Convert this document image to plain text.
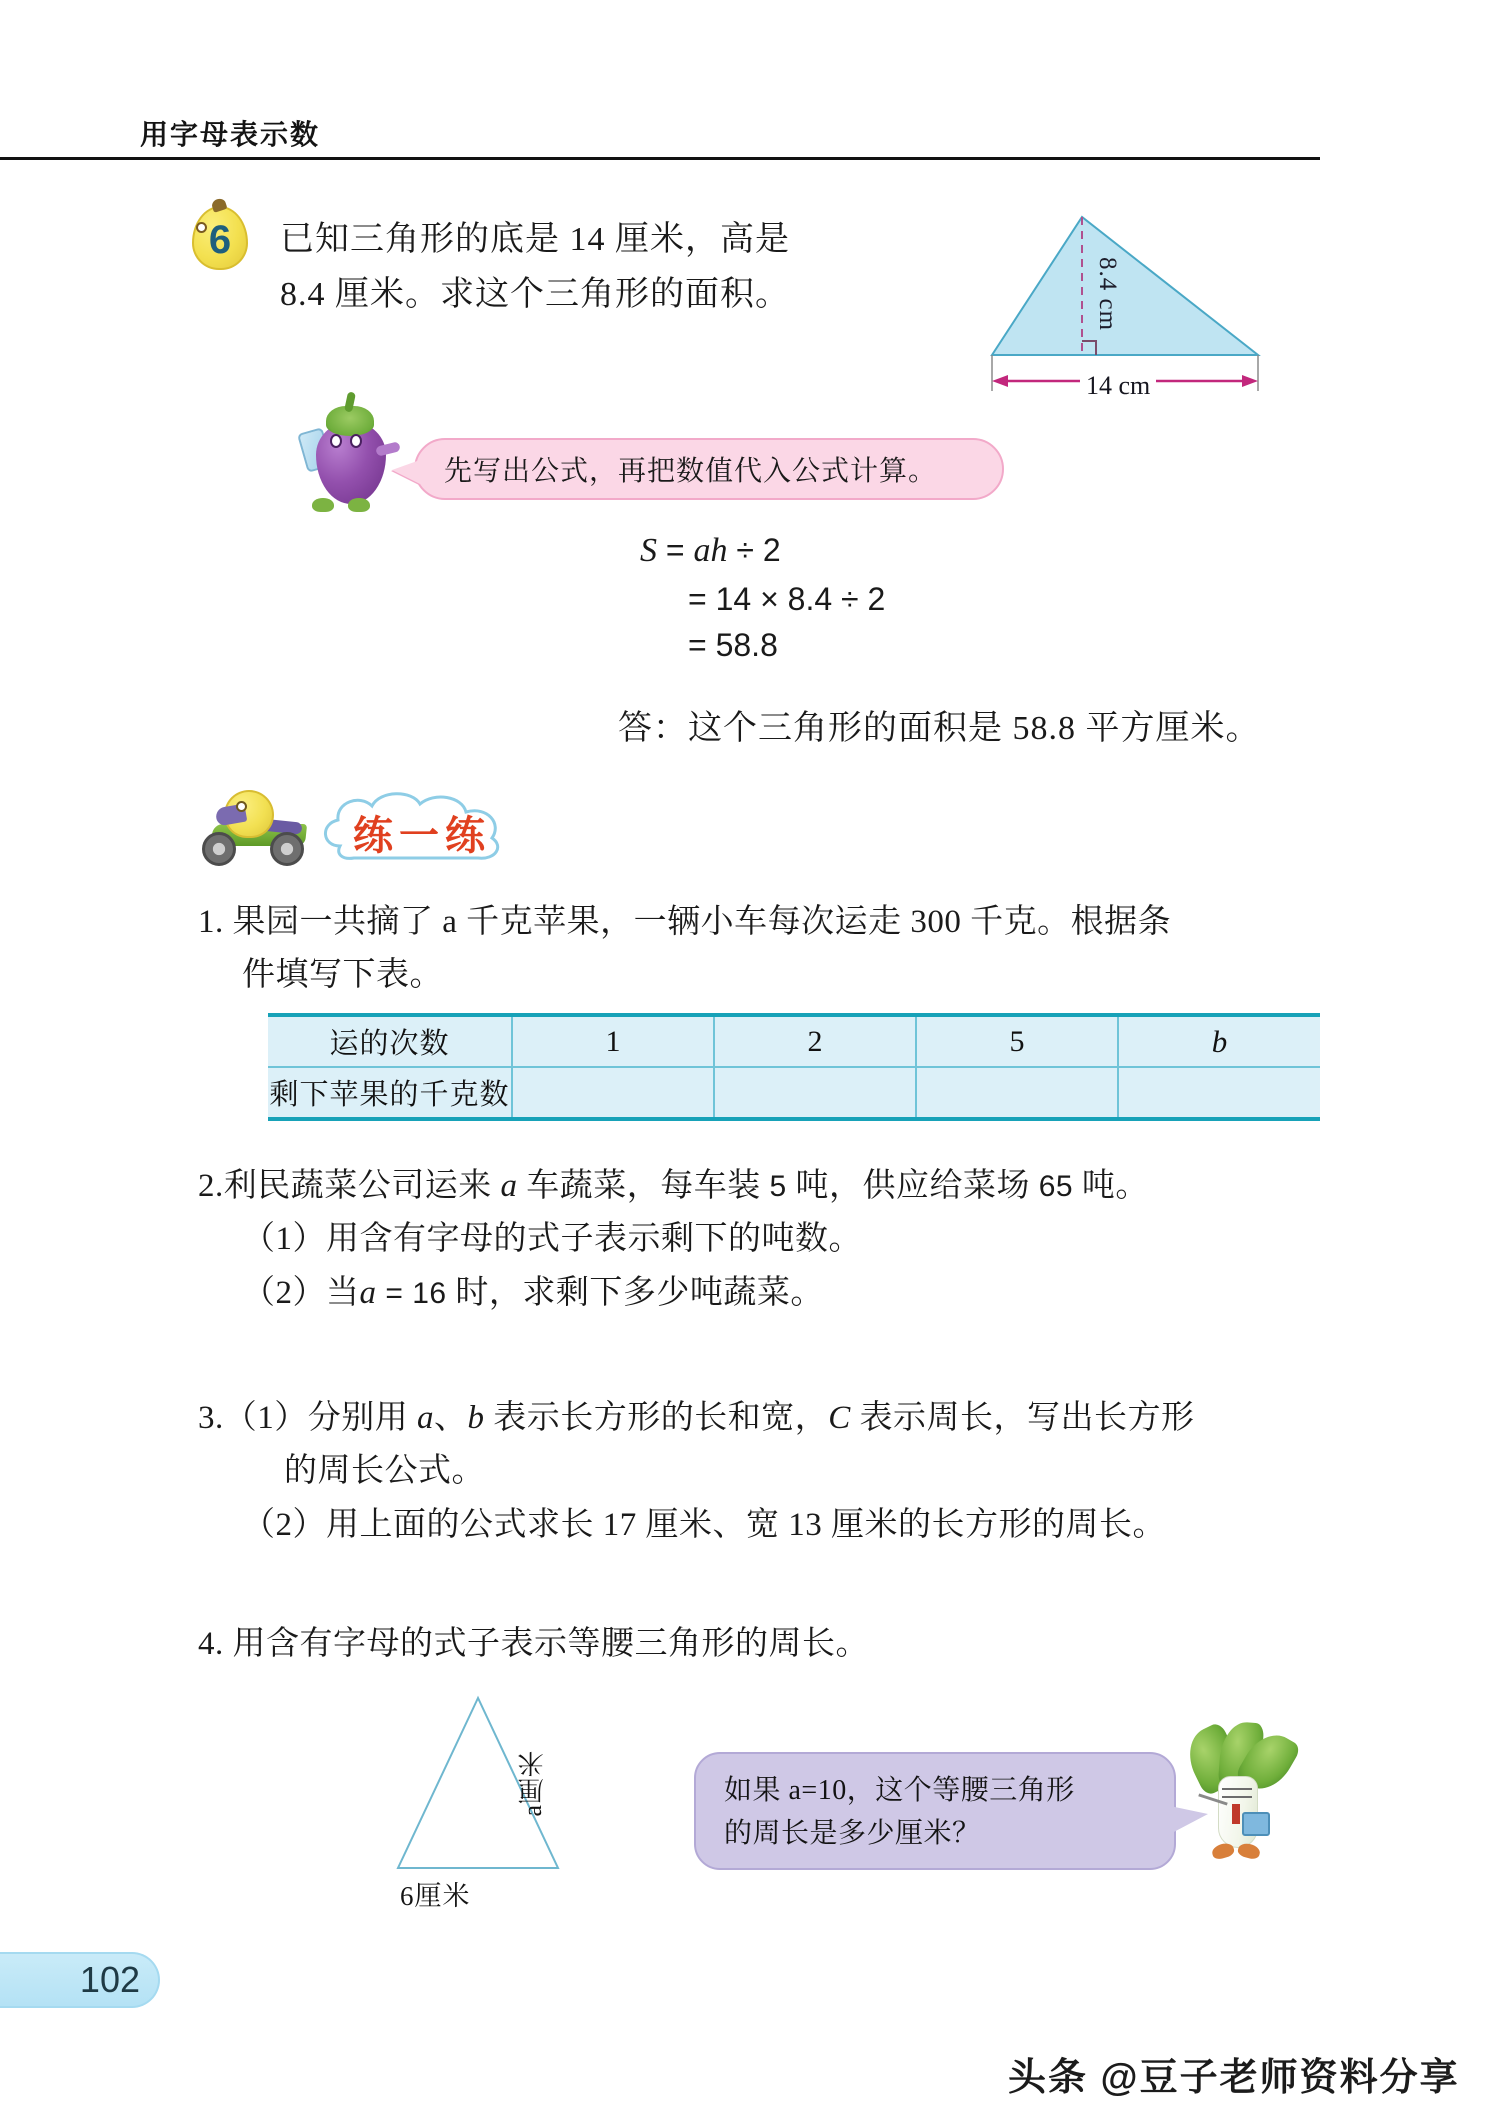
用字母表示数
6	已知三角形的底是 14 厘米，高是
8.4 厘米。求这个三角形的面积。	8.4 cm
14 cm
先写出公式，再把数值代入公式计算。
S = ah ÷ 2
= 14 × 8.4 ÷ 2
= 58.8
答：这个三角形的面积是 58.8 平方厘米。
练一练
1. 果园一共摘了 a 千克苹果，一辆小车每次运走 300 千克。根据条
件填写下表。
运的次数	1	2	5	b
剩下苹果的千克数				
2.利民蔬菜公司运来 a 车蔬菜，每车装 5 吨，供应给菜场 65 吨。
（1）用含有字母的式子表示剩下的吨数。
（2）当a = 16 时，求剩下多少吨蔬菜。
3.（1）分别用 a、b 表示长方形的长和宽，C 表示周长，写出长方形
的周长公式。
（2）用上面的公式求长 17 厘米、宽 13 厘米的长方形的周长。
4. 用含有字母的式子表示等腰三角形的周长。
a厘米
6厘米
如果 a=10，这个等腰三角形
的周长是多少厘米？
102
头条 @豆子老师资料分享
